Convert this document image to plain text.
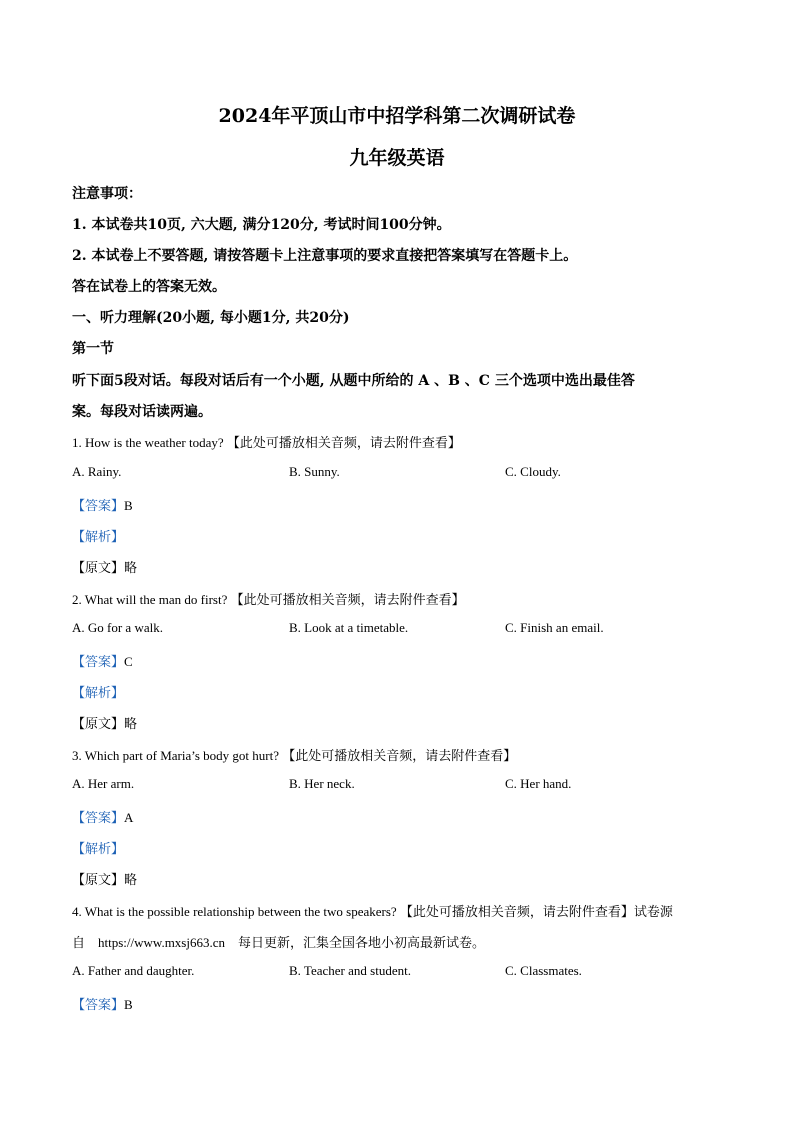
2024年平顶山市中招学科第二次调研试卷
九年级英语
注意事项：
1. 本试卷共10页, 六大题, 满分120分, 考试时间100分钟。
2. 本试卷上不要答题, 请按答题卡上注意事项的要求直接把答案填写在答题卡上。
答在试卷上的答案无效。
一、听力理解(20小题, 每小题1分, 共20分)
第一节
听下面5段对话。每段对话后有一个小题, 从题中所给的 A 、B 、C 三个选项中选出最佳答
案。每段对话读两遍。
1. How is the weather today? 【此处可播放相关音频，请去附件查看】
A. Rainy.	B. Sunny.	C. Cloudy.
【答案】B
【解析】
【原文】略
2. What will the man do first? 【此处可播放相关音频，请去附件查看】
A. Go for a walk.	B. Look at a timetable.	C. Finish an email.
【答案】C
【解析】
【原文】略
3. Which part of Maria’s body got hurt? 【此处可播放相关音频，请去附件查看】
A. Her arm.	B. Her neck.	C. Her hand.
【答案】A
【解析】
【原文】略
4. What is the possible relationship between the two speakers? 【此处可播放相关音频，请去附件查看】试卷源
自    https://www.mxsj663.cn    每日更新，汇集全国各地小初高最新试卷。
A. Father and daughter.	B. Teacher and student.	C. Classmates.
【答案】B
